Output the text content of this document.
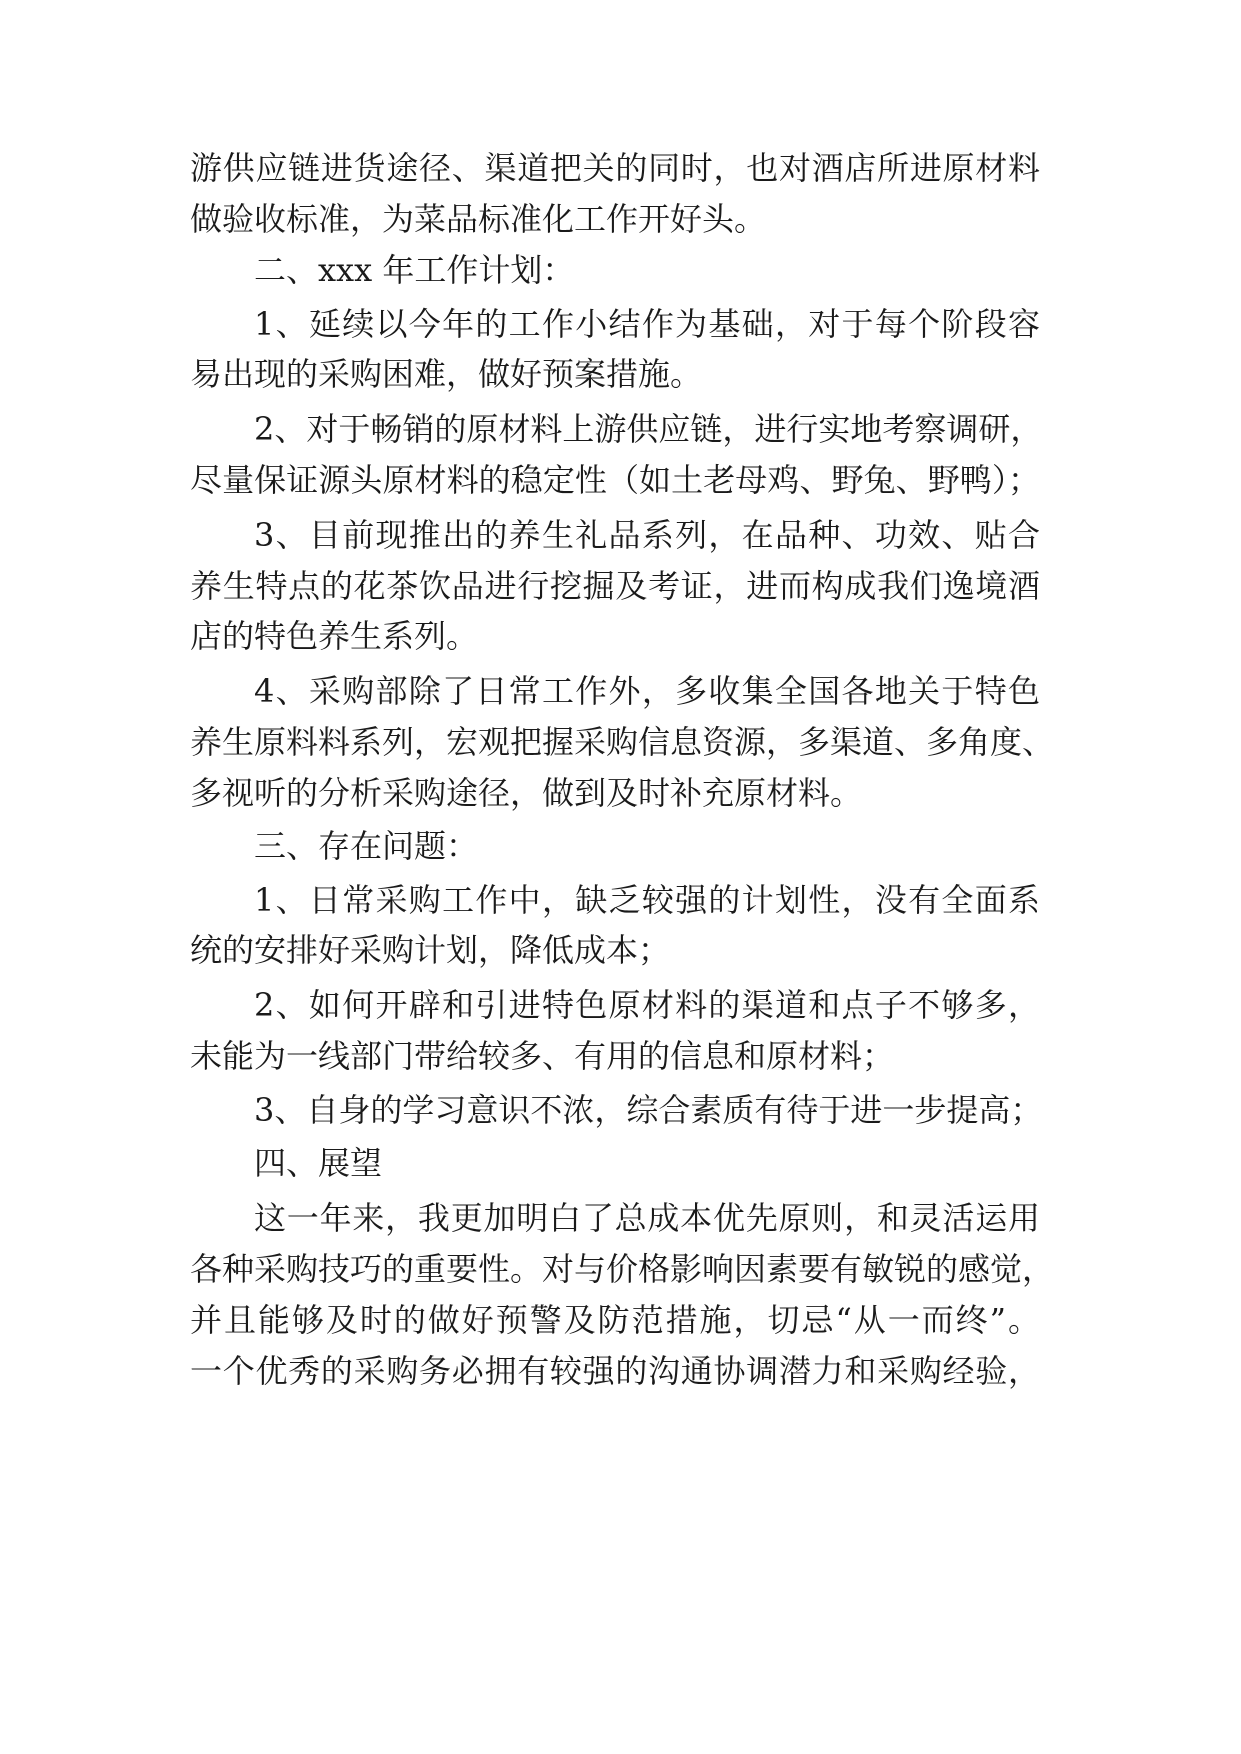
游供应链进货途径、渠道把关的同时，也对酒店所进原材料
做验收标准，为菜品标准化工作开好头。
二、xxx 年工作计划：
1、延续以今年的工作小结作为基础，对于每个阶段容
易出现的采购困难，做好预案措施。
2、对于畅销的原材料上游供应链，进行实地考察调研，
尽量保证源头原材料的稳定性（如土老母鸡、野兔、野鸭）；
3、目前现推出的养生礼品系列，在品种、功效、贴合
养生特点的花茶饮品进行挖掘及考证，进而构成我们逸境酒
店的特色养生系列。
4、采购部除了日常工作外，多收集全国各地关于特色
养生原料料系列，宏观把握采购信息资源，多渠道、多角度、
多视听的分析采购途径，做到及时补充原材料。
三、存在问题：
1、日常采购工作中，缺乏较强的计划性，没有全面系
统的安排好采购计划，降低成本；
2、如何开辟和引进特色原材料的渠道和点子不够多，
未能为一线部门带给较多、有用的信息和原材料；
3、自身的学习意识不浓，综合素质有待于进一步提高；
四、展望
这一年来，我更加明白了总成本优先原则，和灵活运用
各种采购技巧的重要性。对与价格影响因素要有敏锐的感觉，
并且能够及时的做好预警及防范措施，切忌“从一而终”。
一个优秀的采购务必拥有较强的沟通协调潜力和采购经验，
